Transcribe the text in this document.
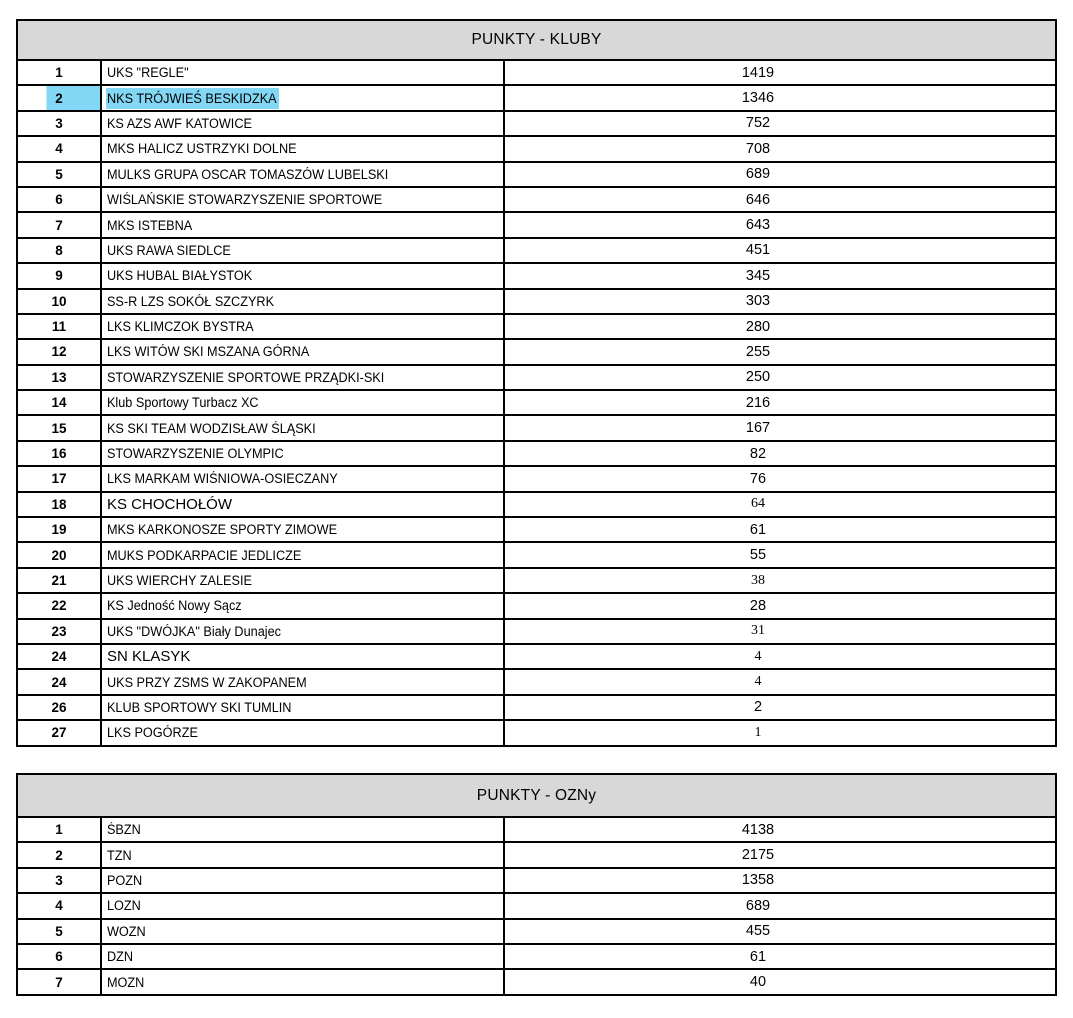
PUNKTY - KLUBY		
1	UKS "REGLE"	1419
2	NKS TRÓJWIEŚ BESKIDZKA	1346
3	KS AZS AWF KATOWICE	752
4	MKS HALICZ USTRZYKI DOLNE	708
5	MULKS GRUPA OSCAR TOMASZÓW LUBELSKI	689
6	WIŚLAŃSKIE STOWARZYSZENIE SPORTOWE	646
7	MKS ISTEBNA	643
8	UKS RAWA SIEDLCE	451
9	UKS HUBAL BIAŁYSTOK	345
10	SS-R LZS SOKÓŁ SZCZYRK	303
11	LKS KLIMCZOK BYSTRA	280
12	LKS WITÓW SKI MSZANA GÓRNA	255
13	STOWARZYSZENIE SPORTOWE PRZĄDKI-SKI	250
14	Klub Sportowy Turbacz XC	216
15	KS SKI TEAM WODZISŁAW ŚLĄSKI	167
16	STOWARZYSZENIE OLYMPIC	82
17	LKS MARKAM WIŚNIOWA-OSIECZANY	76
18	KS CHOCHOŁÓW	64
19	MKS KARKONOSZE SPORTY ZIMOWE	61
20	MUKS PODKARPACIE JEDLICZE	55
21	UKS WIERCHY ZALESIE	38
22	KS Jedność Nowy Sącz	28
23	UKS "DWÓJKA" Biały Dunajec	31
24	SN KLASYK	4
24	UKS PRZY ZSMS W ZAKOPANEM	4
26	KLUB SPORTOWY SKI TUMLIN	2
27	LKS POGÓRZE	1
PUNKTY - OZNy		
1	ŚBZN	4138
2	TZN	2175
3	POZN	1358
4	LOZN	689
5	WOZN	455
6	DZN	61
7	MOZN	40
